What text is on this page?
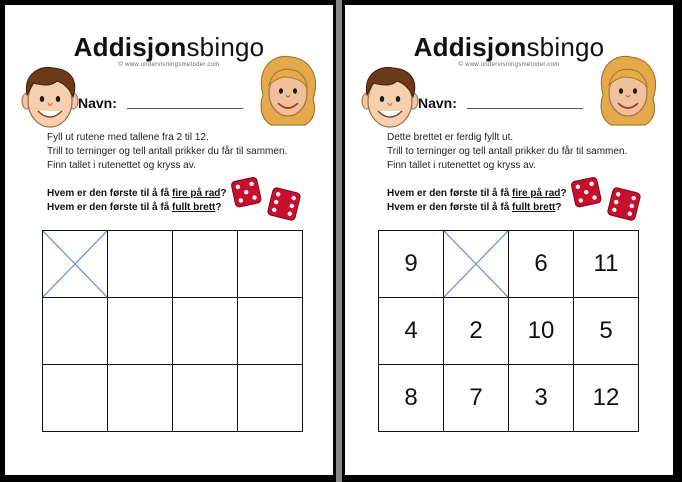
Addisjonsbingo
© www.undervisningsmetoder.com
Navn:
Fyll ut rutene med tallene fra 2 til 12.
Trill to terninger og tell antall prikker du får til sammen.
Finn tallet i rutenettet og kryss av.
Hvem er den første til å få fire på rad?
Hvem er den første til å få fullt brett?

Addisjonsbingo
© www.undervisningsmetoder.com
Navn:
Dette brettet er ferdig fyllt ut.
Trill to terninger og tell antall prikker du får til sammen.
Finn tallet i rutenettet og kryss av.
Hvem er den første til å få fire på rad?
Hvem er den første til å få fullt brett?
9		6	11
4	2	10	5
8	7	3	12
